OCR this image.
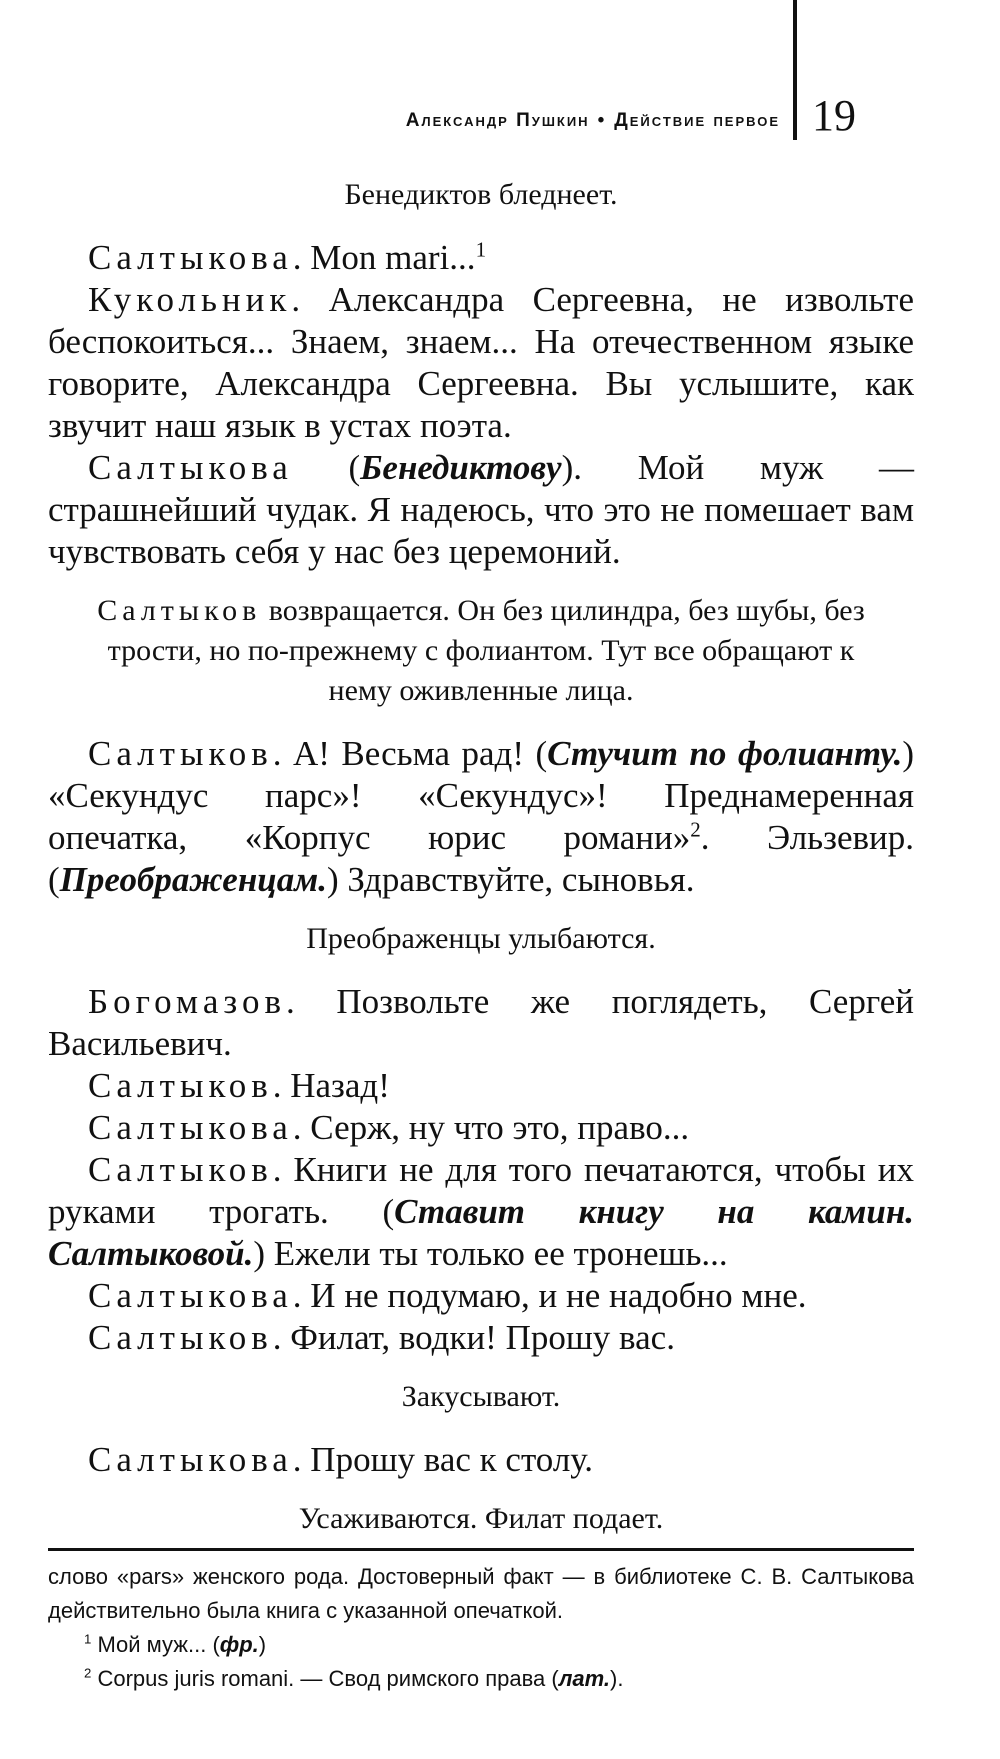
Александр Пушкин • Действие первое 19

Бенедиктов бледнеет.

Салтыкова. Mon mari...$^1$

Кукольник. Александра Сергеевна, не извольте беспокоиться... Знаем, знаем... На отечественном языке говорите, Александра Сергеевна. Вы услышите, как звучит наш язык в устах поэта.

Салтыкова (Бенедиктову). Мой муж — страшнейший чудак. Я надеюсь, что это не помешает вам чувствовать себя у нас без церемоний.

Салтыков возвращается. Он без цилиндра, без шубы, без трости, но по-прежнему с фолиантом. Тут все обращают к нему оживленные лица.

Салтыков. А! Весьма рад! (Стучит по фолианту.) «Секундус парс»! «Секундус»! Преднамеренная опечатка, «Корпус юрис романи»$^2$. Эльзевир. (Преображенцам.) Здравствуйте, сыновья.

Преображенцы улыбаются.

Богомазов. Позвольте же поглядеть, Сергей Васильевич.

Салтыков. Назад!

Салтыкова. Серж, ну что это, право...

Салтыков. Книги не для того печатаются, чтобы их руками трогать. (Ставит книгу на камин. Салтыковой.) Ежели ты только ее тронешь...

Салтыкова. И не подумаю, и не надобно мне.

Салтыков. Филат, водки! Прошу вас.

Закусывают.

Салтыкова. Прошу вас к столу.

Усаживаются. Филат подает.

слово «pars» женского рода. Достоверный факт — в библиотеке С. В. Салтыкова действительно была книга с указанной опечаткой.

$^1$ Мой муж... (фр.)

$^2$ Corpus juris romani. — Свод римского права (лат.).
